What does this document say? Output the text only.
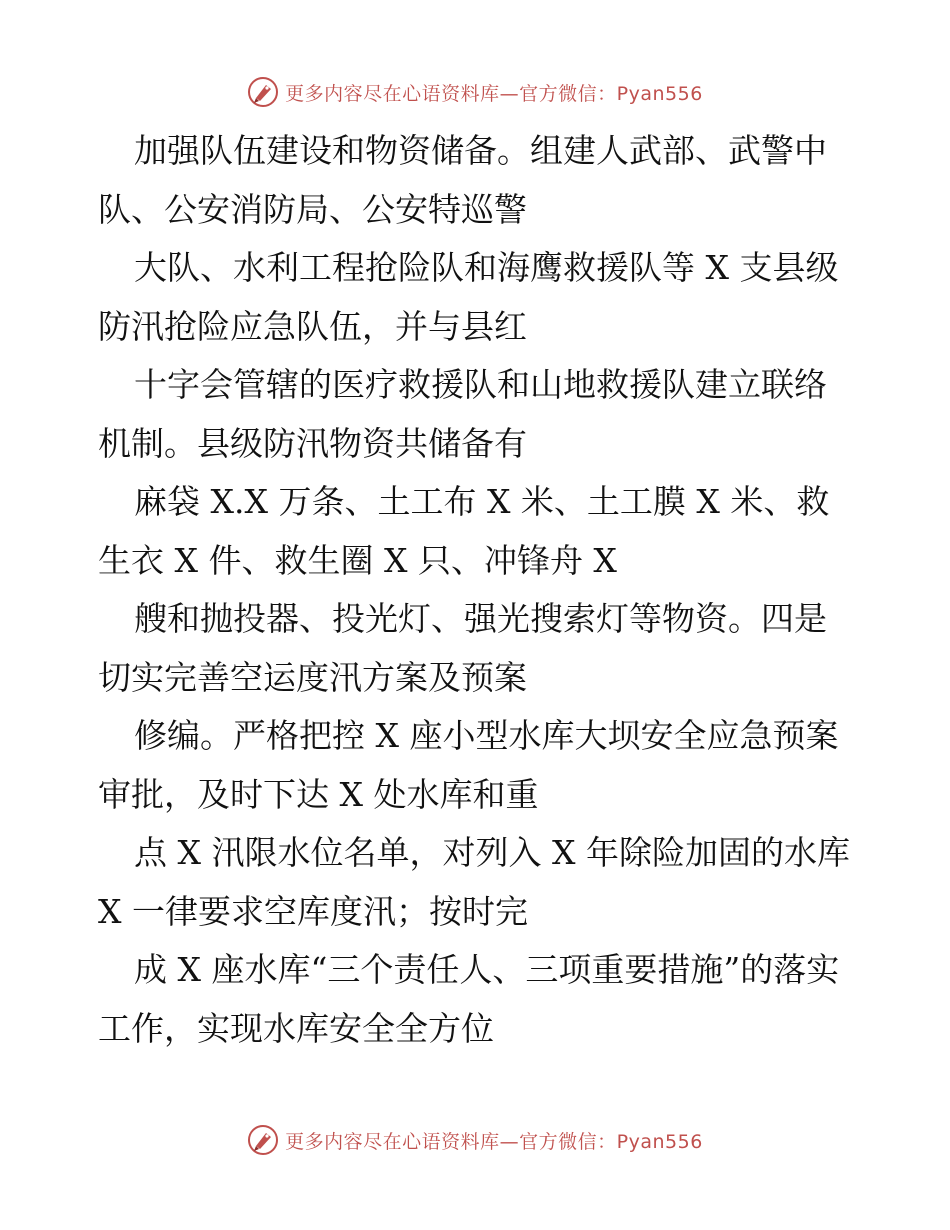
更多内容尽在心语资料库—官方微信：Pyan556

加强队伍建设和物资储备。组建人武部、武警中队、公安消防局、公安特巡警

大队、水利工程抢险队和海鹰救援队等 X 支县级防汛抢险应急队伍，并与县红

十字会管辖的医疗救援队和山地救援队建立联络机制。县级防汛物资共储备有

麻袋 X.X 万条、土工布 X 米、土工膜 X 米、救生衣 X 件、救生圈 X 只、冲锋舟 X

艘和抛投器、投光灯、强光搜索灯等物资。四是切实完善空运度汛方案及预案

修编。严格把控 X 座小型水库大坝安全应急预案审批，及时下达 X 处水库和重

点 X 汛限水位名单，对列入 X 年除险加固的水库 X 一律要求空库度汛；按时完

成 X 座水库“三个责任人、三项重要措施”的落实工作，实现水库安全全方位

更多内容尽在心语资料库—官方微信：Pyan556
